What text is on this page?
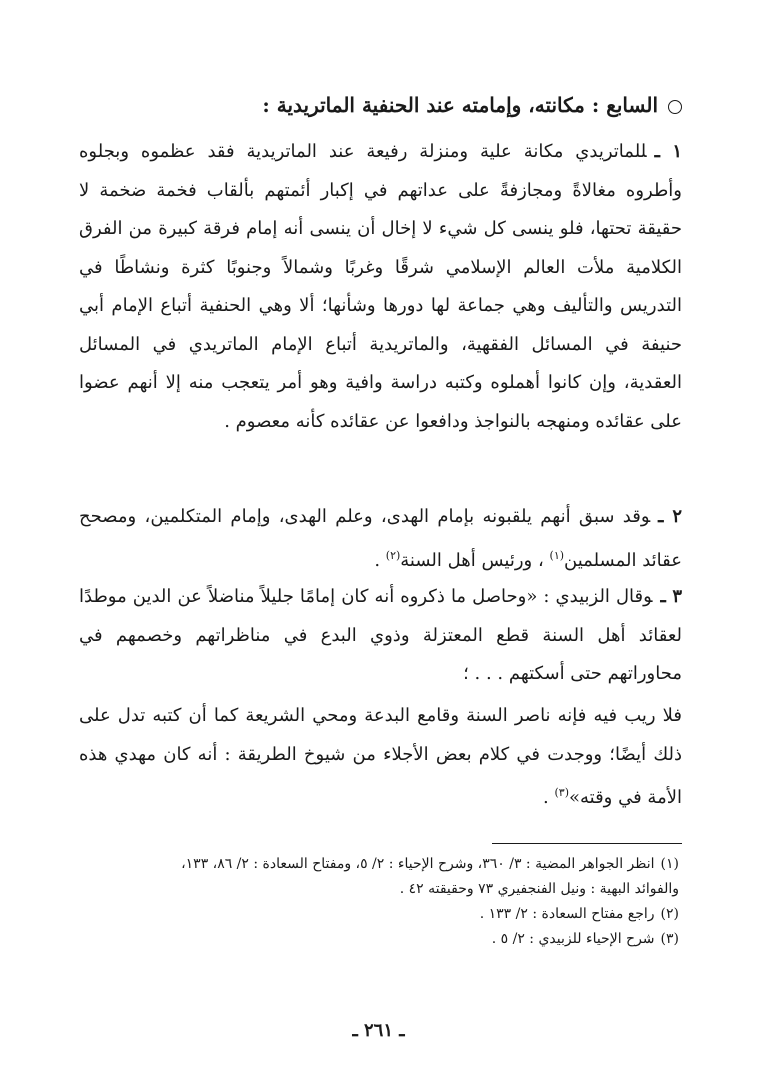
السابع : مكانته، وإمامته عند الحنفية الماتريدية :
١ ـللماتريدي مكانة علية ومنزلة رفيعة عند الماتريدية فقد عظموه وبجلوه وأطروه مغالاةً ومجازفةً على عداتهم في إكبار أئمتهم بألقاب فخمة ضخمة لا حقيقة تحتها، فلو ينسى كل شيء لا إخال أن ينسى أنه إمام فرقة كبيرة من الفرق الكلامية ملأت العالم الإسلامي شرقًا وغربًا وشمالاً وجنوبًا كثرة ونشاطًا في التدريس والتأليف وهي جماعة لها دورها وشأنها؛ ألا وهي الحنفية أتباع الإمام أبي حنيفة في المسائل الفقهية، والماتريدية أتباع الإمام الماتريدي في المسائل العقدية، وإن كانوا أهملوه وكتبه دراسة وافية وهو أمر يتعجب منه إلا أنهم عضوا على عقائده ومنهجه بالنواجذ ودافعوا عن عقائده كأنه معصوم .
٢ ـوقد سبق أنهم يلقبونه بإمام الهدى، وعلم الهدى، وإمام المتكلمين، ومصحح عقائد المسلمين$^{(١)}$ ، ورئيس أهل السنة$^{(٢)}$ .
٣ ـوقال الزبيدي : «وحاصل ما ذكروه أنه كان إمامًا جليلاً مناضلاً عن الدين موطدًا لعقائد أهل السنة قطع المعتزلة وذوي البدع في مناظراتهم وخصمهم في محاوراتهم حتى أسكتهم . . . ؛
فلا ريب فيه فإنه ناصر السنة وقامع البدعة ومحي الشريعة كما أن كتبه تدل على ذلك أيضًا؛ ووجدت في كلام بعض الأجلاء من شيوخ الطريقة : أنه كان مهدي هذه الأمة في وقته»$^{(٣)}$ .
(١)انظر الجواهر المضية : ٣/ ٣٦٠، وشرح الإحياء : ٢/ ٥، ومفتاح السعادة : ٢/ ٨٦، ١٣٣،
والفوائد البهية : ونيل الفنجفيري ٧٣ وحقيقته ٤٢ .
(٢)راجع مفتاح السعادة : ٢/ ١٣٣ .
(٣)شرح الإحياء للزبيدي : ٢/ ٥ .
ـ ٢٦١ ـ
